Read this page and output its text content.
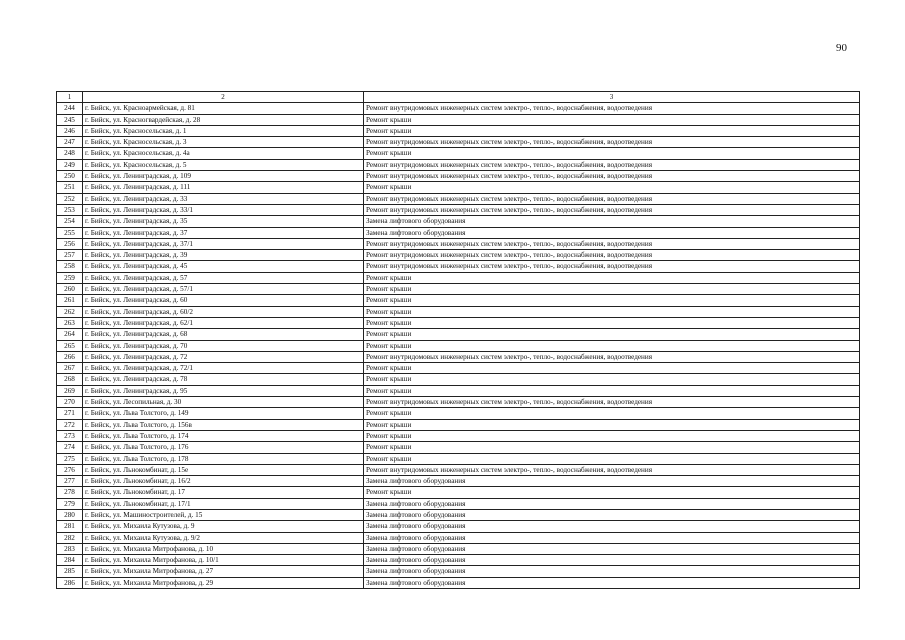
90
1	2	3
244	г. Бийск, ул. Красноармейская, д. 81	Ремонт внутридомовых инженерных систем электро-, тепло-, водоснабжения, водоотведения
245	г. Бийск, ул. Красногвардейская, д. 28	Ремонт крыши
246	г. Бийск, ул. Красносельская, д. 1	Ремонт крыши
247	г. Бийск, ул. Красносельская, д. 3	Ремонт внутридомовых инженерных систем электро-, тепло-, водоснабжения, водоотведения
248	г. Бийск, ул. Красносельская, д. 4а	Ремонт крыши
249	г. Бийск, ул. Красносельская, д. 5	Ремонт внутридомовых инженерных систем электро-, тепло-, водоснабжения, водоотведения
250	г. Бийск, ул. Ленинградская, д. 109	Ремонт внутридомовых инженерных систем электро-, тепло-, водоснабжения, водоотведения
251	г. Бийск, ул. Ленинградская, д. 111	Ремонт крыши
252	г. Бийск, ул. Ленинградская, д. 33	Ремонт внутридомовых инженерных систем электро-, тепло-, водоснабжения, водоотведения
253	г. Бийск, ул. Ленинградская, д. 33/1	Ремонт внутридомовых инженерных систем электро-, тепло-, водоснабжения, водоотведения
254	г. Бийск, ул. Ленинградская, д. 35	Замена лифтового оборудования
255	г. Бийск, ул. Ленинградская, д. 37	Замена лифтового оборудования
256	г. Бийск, ул. Ленинградская, д. 37/1	Ремонт внутридомовых инженерных систем электро-, тепло-, водоснабжения, водоотведения
257	г. Бийск, ул. Ленинградская, д. 39	Ремонт внутридомовых инженерных систем электро-, тепло-, водоснабжения, водоотведения
258	г. Бийск, ул. Ленинградская, д. 45	Ремонт внутридомовых инженерных систем электро-, тепло-, водоснабжения, водоотведения
259	г. Бийск, ул. Ленинградская, д. 57	Ремонт крыши
260	г. Бийск, ул. Ленинградская, д. 57/1	Ремонт крыши
261	г. Бийск, ул. Ленинградская, д. 60	Ремонт крыши
262	г. Бийск, ул. Ленинградская, д. 60/2	Ремонт крыши
263	г. Бийск, ул. Ленинградская, д. 62/1	Ремонт крыши
264	г. Бийск, ул. Ленинградская, д. 68	Ремонт крыши
265	г. Бийск, ул. Ленинградская, д. 70	Ремонт крыши
266	г. Бийск, ул. Ленинградская, д. 72	Ремонт внутридомовых инженерных систем электро-, тепло-, водоснабжения, водоотведения
267	г. Бийск, ул. Ленинградская, д. 72/1	Ремонт крыши
268	г. Бийск, ул. Ленинградская, д. 78	Ремонт крыши
269	г. Бийск, ул. Ленинградская, д. 95	Ремонт крыши
270	г. Бийск, ул. Лесопильная, д. 30	Ремонт внутридомовых инженерных систем электро-, тепло-, водоснабжения, водоотведения
271	г. Бийск, ул. Льва Толстого, д. 149	Ремонт крыши
272	г. Бийск, ул. Льва Толстого, д. 156в	Ремонт крыши
273	г. Бийск, ул. Льва Толстого, д. 174	Ремонт крыши
274	г. Бийск, ул. Льва Толстого, д. 176	Ремонт крыши
275	г. Бийск, ул. Льва Толстого, д. 178	Ремонт крыши
276	г. Бийск, ул. Льнокомбинат, д. 15е	Ремонт внутридомовых инженерных систем электро-, тепло-, водоснабжения, водоотведения
277	г. Бийск, ул. Льнокомбинат, д. 16/2	Замена лифтового оборудования
278	г. Бийск, ул. Льнокомбинат, д. 17	Ремонт крыши
279	г. Бийск, ул. Льнокомбинат, д. 17/1	Замена лифтового оборудования
280	г. Бийск, ул. Машиностроителей, д. 15	Замена лифтового оборудования
281	г. Бийск, ул. Михаила Кутузова, д. 9	Замена лифтового оборудования
282	г. Бийск, ул. Михаила Кутузова, д. 9/2	Замена лифтового оборудования
283	г. Бийск, ул. Михаила Митрофанова, д. 10	Замена лифтового оборудования
284	г. Бийск, ул. Михаила Митрофанова, д. 10/1	Замена лифтового оборудования
285	г. Бийск, ул. Михаила Митрофанова, д. 27	Замена лифтового оборудования
286	г. Бийск, ул. Михаила Митрофанова, д. 29	Замена лифтового оборудования
